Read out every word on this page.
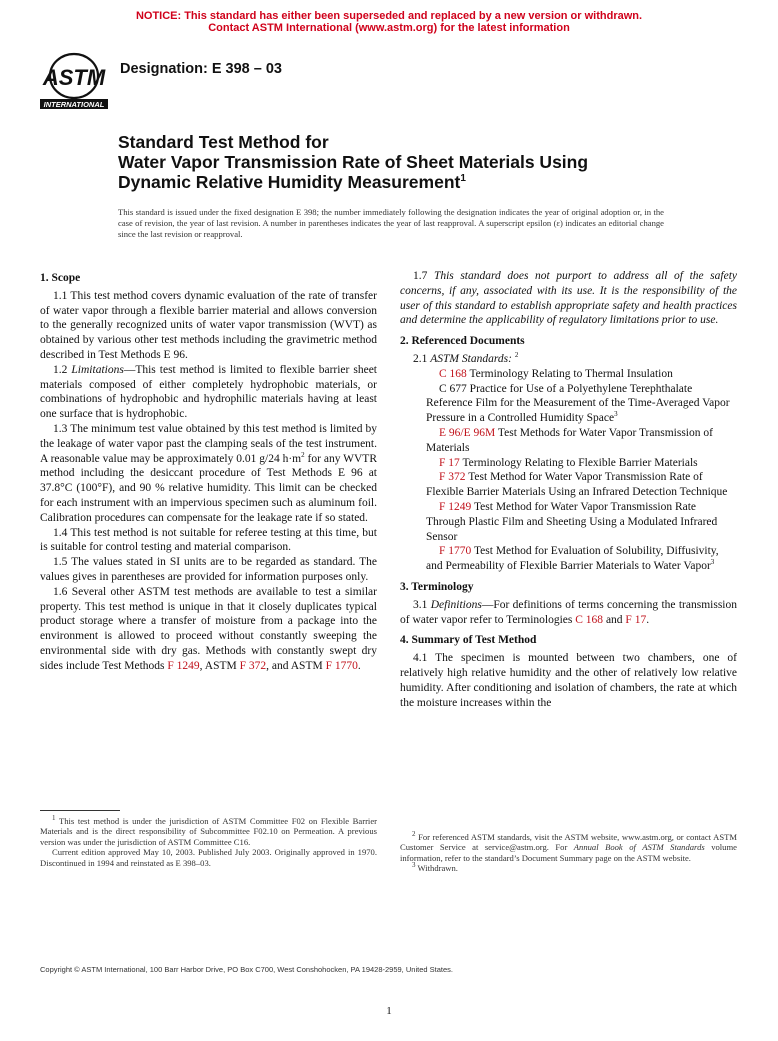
NOTICE: This standard has either been superseded and replaced by a new version or withdrawn.
Contact ASTM International (www.astm.org) for the latest information
ASTM
INTERNATIONAL
Designation: E 398 – 03
Standard Test Method for
Water Vapor Transmission Rate of Sheet Materials Using
Dynamic Relative Humidity Measurement$^1$
This standard is issued under the fixed designation E 398; the number immediately following the designation indicates the year of original adoption or, in the case of revision, the year of last revision. A number in parentheses indicates the year of last reapproval. A superscript epsilon (ε) indicates an editorial change since the last revision or reapproval.
1. Scope

1.1 This test method covers dynamic evaluation of the rate of transfer of water vapor through a flexible barrier material and allows conversion to the generally recognized units of water vapor transmission (WVT) as obtained by various other test methods including the gravimetric method described in Test Methods E 96.

1.2 Limitations—This test method is limited to flexible barrier sheet materials composed of either completely hydrophobic materials, or combinations of hydrophobic and hydrophilic materials having at least one surface that is hydrophobic.

1.3 The minimum test value obtained by this test method is limited by the leakage of water vapor past the clamping seals of the test instrument. A reasonable value may be approximately 0.01 g/24 $h\cdot m^2$ for any WVTR method including the desiccant procedure of Test Methods E 96 at 37.8°C (100°F), and 90 % relative humidity. This limit can be checked for each instrument with an impervious specimen such as aluminum foil. Calibration procedures can compensate for the leakage rate if so stated.

1.4 This test method is not suitable for referee testing at this time, but is suitable for control testing and material comparison.

1.5 The values stated in SI units are to be regarded as standard. The values gives in parentheses are provided for information purposes only.

1.6 Several other ASTM test methods are available to test a similar property. This test method is unique in that it closely duplicates typical product storage where a transfer of moisture from a package into the environment is allowed to proceed without constantly sweeping the environmental side with dry gas. Methods with constantly swept dry sides include Test Methods F 1249, ASTM F 372, and ASTM F 1770.

1.7 This standard does not purport to address all of the safety concerns, if any, associated with its use. It is the responsibility of the user of this standard to establish appropriate safety and health practices and determine the applicability of regulatory limitations prior to use.

2. Referenced Documents

2.1 ASTM Standards: $^2$

C 168 Terminology Relating to Thermal Insulation

C 677 Practice for Use of a Polyethylene Terephthalate Reference Film for the Measurement of the Time-Averaged Vapor Pressure in a Controlled Humidity Space$^3$

E 96/E 96M Test Methods for Water Vapor Transmission of Materials

F 17 Terminology Relating to Flexible Barrier Materials

F 372 Test Method for Water Vapor Transmission Rate of Flexible Barrier Materials Using an Infrared Detection Technique

F 1249 Test Method for Water Vapor Transmission Rate Through Plastic Film and Sheeting Using a Modulated Infrared Sensor

F 1770 Test Method for Evaluation of Solubility, Diffusivity, and Permeability of Flexible Barrier Materials to Water Vapor$^3$

3. Terminology

3.1 Definitions—For definitions of terms concerning the transmission of water vapor refer to Terminologies C 168 and F 17.

4. Summary of Test Method

4.1 The specimen is mounted between two chambers, one of relatively high relative humidity and the other of relatively low relative humidity. After conditioning and isolation of chambers, the rate at which the moisture increases within the

$^1$ This test method is under the jurisdiction of ASTM Committee F02 on Flexible Barrier Materials and is the direct responsibility of Subcommittee F02.10 on Permeation. A previous version was under the jurisdiction of ASTM Committee C16.

Current edition approved May 10, 2003. Published July 2003. Originally approved in 1970. Discontinued in 1994 and reinstated as E 398–03.

$^2$ For referenced ASTM standards, visit the ASTM website, www.astm.org, or contact ASTM Customer Service at service@astm.org. For Annual Book of ASTM Standards volume information, refer to the standard’s Document Summary page on the ASTM website.

$^3$ Withdrawn.

Copyright © ASTM International, 100 Barr Harbor Drive, PO Box C700, West Conshohocken, PA 19428-2959, United States.
1
